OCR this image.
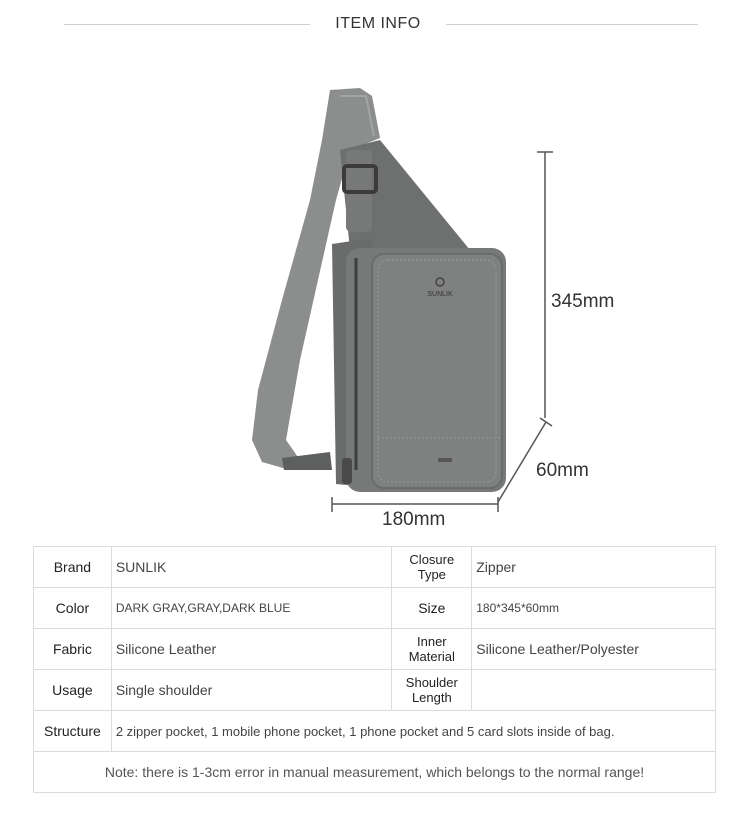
ITEM INFO
SUNLIK	345mm
60mm
180mm
Brand	SUNLIK	Closure Type	Zipper
Color	DARK GRAY,GRAY,DARK BLUE	Size	180*345*60mm
Fabric	Silicone Leather	Inner Material	Silicone Leather/Polyester
Usage	Single shoulder	Shoulder Length	
Structure	2 zipper pocket, 1 mobile phone pocket, 1 phone pocket and 5 card slots inside of bag.		
Note: there is 1-3cm error in manual measurement, which belongs to the normal range!			
